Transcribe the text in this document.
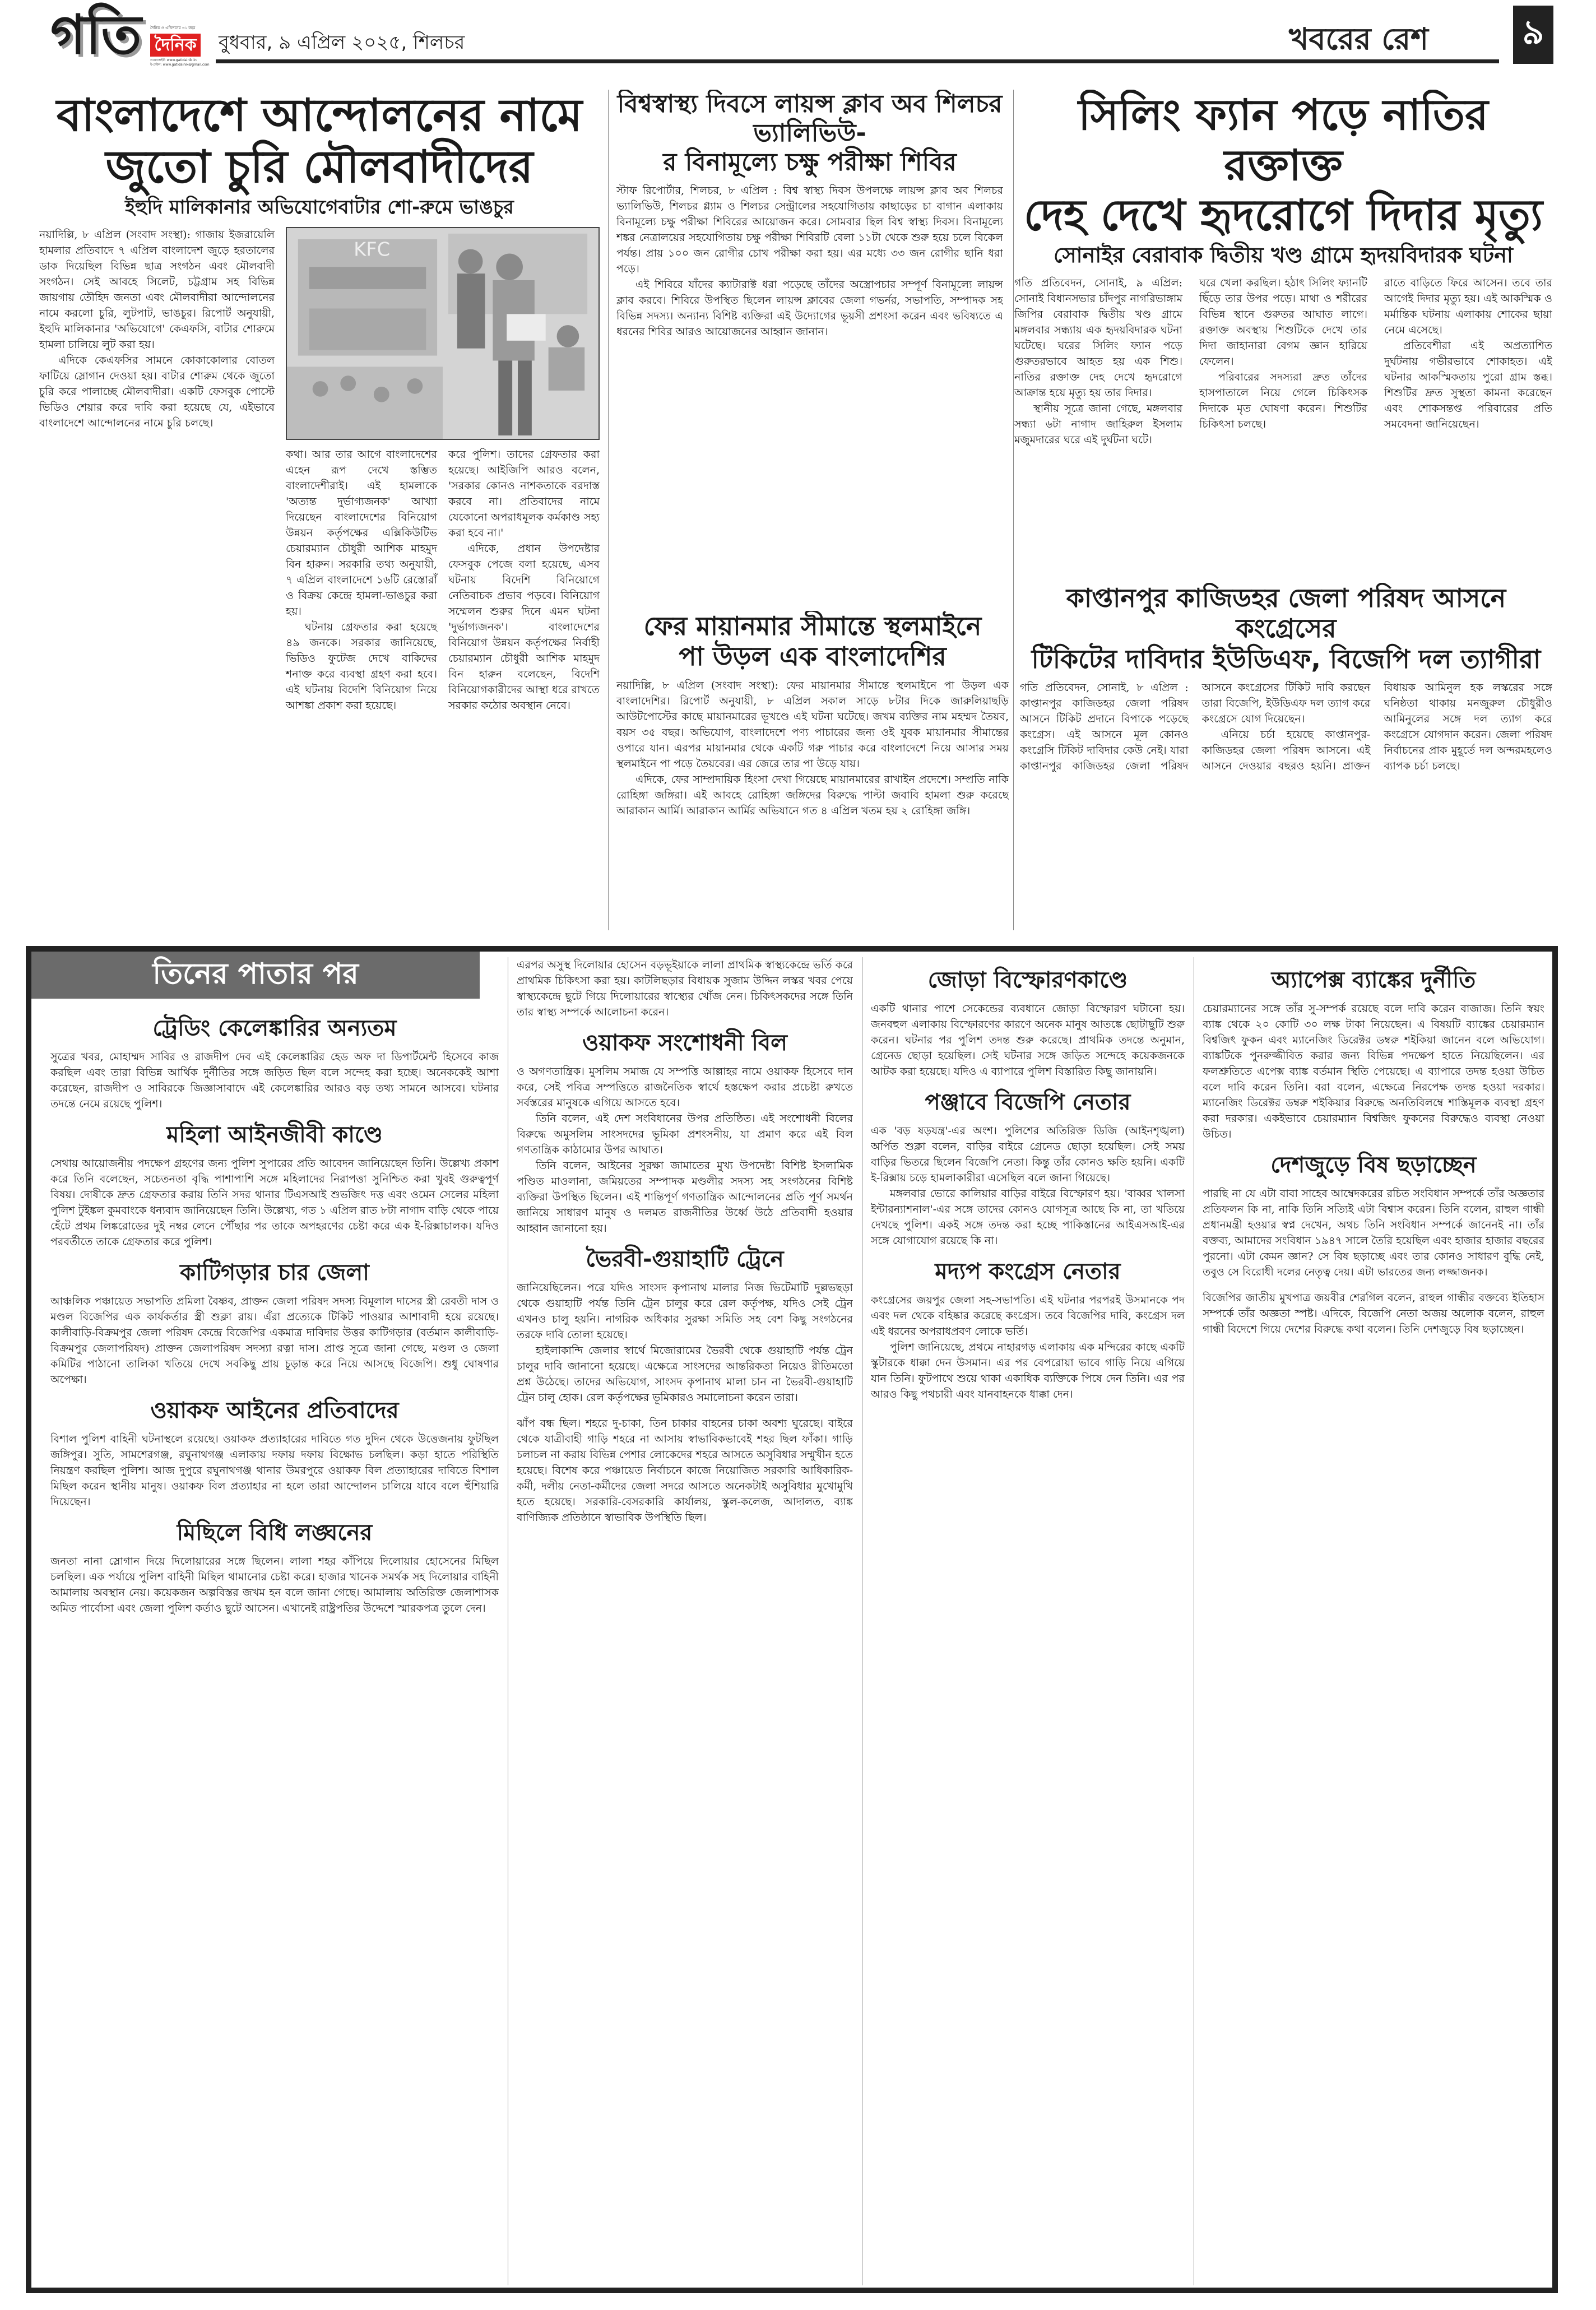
গতি দৈনিক ও এডিশনের ৩১ বছর
দৈনিক
ওয়েবসাইট: www.gatidainik.in
ই-মেইল: www.gatidainik@gmail.com
বুধবার, ৯ এপ্রিল ২০২৫, শিলচর	খবরের রেশ	৯
বাংলাদেশে আন্দোলনের নামে
জুতো চুরি মৌলবাদীদের
ইহুদি মালিকানার অভিযোগেবাটার শো-রুমে ভাঙচুর

নয়াদিল্লি, ৮ এপ্রিল (সংবাদ সংস্থা): গাজায় ইজরায়েলি হামলার প্রতিবাদে ৭ এপ্রিল বাংলাদেশ জুড়ে হরতালের ডাক দিয়েছিল বিভিন্ন ছাত্র সংগঠন এবং মৌলবাদী সংগঠন। সেই আবহে সিলেট, চট্টগ্রাম সহ বিভিন্ন জায়গায় তৌহিদ জনতা এবং মৌলবাদীরা আন্দোলনের নামে করলো চুরি, লুটপাট, ভাঙচুর। রিপোর্ট অনুযায়ী, ইহুদি মালিকানার 'অভিযোগে' কেএফসি, বাটার শোরুমে হামলা চালিয়ে লুট করা হয়।

এদিকে কেএফসির সামনে কোকাকোলার বোতল ফাটিয়ে স্লোগান দেওয়া হয়। বাটার শোরুম থেকে জুতো চুরি করে পালাচ্ছে মৌলবাদীরা। একটি ফেসবুক পোস্টে ভিডিও শেয়ার করে দাবি করা হয়েছে যে, এইভাবে বাংলাদেশে আন্দোলনের নামে চুরি চলছে।

KFC

কথা। আর তার আগে বাংলাদেশের এহেন রূপ দেখে স্তম্ভিত বাংলাদেশীরাই। এই হামলাকে 'অত্যন্ত দুর্ভাগ্যজনক' আখ্যা দিয়েছেন বাংলাদেশের বিনিয়োগ উন্নয়ন কর্তৃপক্ষের এক্সিকিউটিভ চেয়ারম্যান চৌধুরী আশিক মাহমুদ বিন হারুন। সরকারি তথ্য অনুযায়ী, ৭ এপ্রিল বাংলাদেশে ১৬টি রেস্তোরাঁ ও বিক্রয় কেন্দ্রে হামলা-ভাঙচুর করা হয়।

ঘটনায় গ্রেফতার করা হয়েছে ৪৯ জনকে। সরকার জানিয়েছে, ভিডিও ফুটেজ দেখে বাকিদের শনাক্ত করে ব্যবস্থা গ্রহণ করা হবে। এই ঘটনায় বিদেশি বিনিয়োগ নিয়ে আশঙ্কা প্রকাশ করা হয়েছে।

করে পুলিশ। তাদের গ্রেফতার করা হয়েছে। আইজিপি আরও বলেন, 'সরকার কোনও নাশকতাকে বরদাস্ত করবে না। প্রতিবাদের নামে যেকোনো অপরাধমূলক কর্মকাণ্ড সহ্য করা হবে না।'

এদিকে, প্রধান উপদেষ্টার ফেসবুক পেজে বলা হয়েছে, এসব ঘটনায় বিদেশি বিনিয়োগে নেতিবাচক প্রভাব পড়বে। বিনিয়োগ সম্মেলন শুরুর দিনে এমন ঘটনা 'দুর্ভাগ্যজনক'। বাংলাদেশের বিনিয়োগ উন্নয়ন কর্তৃপক্ষের নির্বাহী চেয়ারম্যান চৌধুরী আশিক মাহমুদ বিন হারুন বলেছেন, বিদেশি বিনিয়োগকারীদের আস্থা ধরে রাখতে সরকার কঠোর অবস্থান নেবে।

বিশ্বস্বাস্থ্য দিবসে লায়ন্স ক্লাব অব শিলচর ভ্যালিভিউ-
র বিনামূল্যে চক্ষু পরীক্ষা শিবির

স্টাফ রিপোর্টার, শিলচর, ৮ এপ্রিল : বিশ্ব স্বাস্থ্য দিবস উপলক্ষে লায়ন্স ক্লাব অব শিলচর ভ্যালিভিউ, শিলচর গ্ল্যাম ও শিলচর সেন্ট্রালের সহযোগিতায় কাছাড়ের চা বাগান এলাকায় বিনামূল্যে চক্ষু পরীক্ষা শিবিরের আয়োজন করে। সোমবার ছিল বিশ্ব স্বাস্থ্য দিবস। বিনামূল্যে শঙ্কর নেত্রালয়ের সহযোগিতায় চক্ষু পরীক্ষা শিবিরটি বেলা ১১টা থেকে শুরু হয়ে চলে বিকেল পর্যন্ত। প্রায় ১০০ জন রোগীর চোখ পরীক্ষা করা হয়। এর মধ্যে ৩৩ জন রোগীর ছানি ধরা পড়ে।

এই শিবিরে যাঁদের ক্যাটারাক্ট ধরা পড়েছে তাঁদের অস্ত্রোপচার সম্পূর্ণ বিনামূল্যে লায়ন্স ক্লাব করবে। শিবিরে উপস্থিত ছিলেন লায়ন্স ক্লাবের জেলা গভর্নর, সভাপতি, সম্পাদক সহ বিভিন্ন সদস্য। অন্যান্য বিশিষ্ট ব্যক্তিরা এই উদ্যোগের ভূয়সী প্রশংসা করেন এবং ভবিষ্যতে এ ধরনের শিবির আরও আয়োজনের আহ্বান জানান।

সিলিং ফ্যান পড়ে নাতির রক্তাক্ত
দেহ দেখে হৃদরোগে দিদার মৃত্যু
সোনাইর বেরাবাক দ্বিতীয় খণ্ড গ্রামে হৃদয়বিদারক ঘটনা

গতি প্রতিবেদন, সোনাই, ৯ এপ্রিল: সোনাই বিধানসভার চাঁদপুর নাগরিভাঙ্গাম জিপির বেরাবাক দ্বিতীয় খণ্ড গ্রামে মঙ্গলবার সন্ধ্যায় এক হৃদয়বিদারক ঘটনা ঘটেছে। ঘরের সিলিং ফ্যান পড়ে গুরুতরভাবে আহত হয় এক শিশু। নাতির রক্তাক্ত দেহ দেখে হৃদরোগে আক্রান্ত হয়ে মৃত্যু হয় তার দিদার।

স্থানীয় সূত্রে জানা গেছে, মঙ্গলবার সন্ধ্যা ৬টা নাগাদ জাহিরুল ইসলাম মজুমদারের ঘরে এই দুর্ঘটনা ঘটে।

ঘরে খেলা করছিল। হঠাৎ সিলিং ফ্যানটি ছিঁড়ে তার উপর পড়ে। মাথা ও শরীরের বিভিন্ন স্থানে গুরুতর আঘাত লাগে। রক্তাক্ত অবস্থায় শিশুটিকে দেখে তার দিদা জাহানারা বেগম জ্ঞান হারিয়ে ফেলেন।

পরিবারের সদস্যরা দ্রুত তাঁদের হাসপাতালে নিয়ে গেলে চিকিৎসক দিদাকে মৃত ঘোষণা করেন। শিশুটির চিকিৎসা চলছে।

রাতে বাড়িতে ফিরে আসেন। তবে তার আগেই দিদার মৃত্যু হয়। এই আকস্মিক ও মর্মান্তিক ঘটনায় এলাকায় শোকের ছায়া নেমে এসেছে।

প্রতিবেশীরা এই অপ্রত্যাশিত দুর্ঘটনায় গভীরভাবে শোকাহত। এই ঘটনার আকস্মিকতায় পুরো গ্রাম স্তব্ধ। শিশুটির দ্রুত সুস্থতা কামনা করেছেন এবং শোকসন্তপ্ত পরিবারের প্রতি সমবেদনা জানিয়েছেন।

ফের মায়ানমার সীমান্তে স্থলমাইনে
পা উড়ল এক বাংলাদেশির

নয়াদিল্লি, ৮ এপ্রিল (সংবাদ সংস্থা): ফের মায়ানমার সীমান্তে স্থলমাইনে পা উড়ল এক বাংলাদেশির। রিপোর্ট অনুযায়ী, ৮ এপ্রিল সকাল সাড়ে ৮টার দিকে জারুলিয়াছড়ি আউটপোস্টের কাছে মায়ানমারের ভূখণ্ডে এই ঘটনা ঘটেছে। জখম ব্যক্তির নাম মহম্মদ তৈয়ব, বয়স ৩৫ বছর। অভিযোগ, বাংলাদেশে পণ্য পাচারের জন্য ওই যুবক মায়ানমার সীমান্তের ওপারে যান। এরপর মায়ানমার থেকে একটি গরু পাচার করে বাংলাদেশে নিয়ে আসার সময় স্থলমাইনে পা পড়ে তৈয়বের। এর জেরে তার পা উড়ে যায়।

এদিকে, ফের সাম্প্রদায়িক হিংসা দেখা গিয়েছে মায়ানমারের রাখাইন প্রদেশে। সম্প্রতি নাকি রোহিঙ্গা জঙ্গিরা। এই আবহে রোহিঙ্গা জঙ্গিদের বিরুদ্ধে পাল্টা জবাবি হামলা শুরু করেছে আরাকান আর্মি। আরাকান আর্মির অভিযানে গত ৪ এপ্রিল খতম হয় ২ রোহিঙ্গা জঙ্গি।

কাপ্তানপুর কাজিডহর জেলা পরিষদ আসনে কংগ্রেসের
টিকিটের দাবিদার ইউডিএফ, বিজেপি দল ত্যাগীরা

গতি প্রতিবেদন, সোনাই, ৮ এপ্রিল : কাপ্তানপুর কাজিডহর জেলা পরিষদ আসনে টিকিট প্রদানে বিপাকে পড়েছে কংগ্রেস। এই আসনে মূল কোনও কংগ্রেসি টিকিট দাবিদার কেউ নেই। যারা কাপ্তানপুর কাজিডহর জেলা পরিষদ আসনে কংগ্রেসের টিকিট দাবি করছেন তারা বিজেপি, ইউডিএফ দল ত্যাগ করে কংগ্রেসে যোগ দিয়েছেন।

এনিয়ে চর্চা হয়েছে কাপ্তানপুর-কাজিডহর জেলা পরিষদ আসনে। এই আসনে দেওয়ার বছরও হয়নি। প্রাক্তন বিধায়ক আমিনুল হক লস্করের সঙ্গে ঘনিষ্ঠতা থাকায় মনজুরুল চৌধুরীও আমিনুলের সঙ্গে দল ত্যাগ করে কংগ্রেসে যোগদান করেন। জেলা পরিষদ নির্বাচনের প্রাক মুহূর্তে দল অন্দরমহলেও ব্যাপক চর্চা চলছে।

তিনের পাতার পর
ট্রেডিং কেলেঙ্কারির অন্যতম

সুত্রের খবর, মোহাম্মদ সাবির ও রাজদীপ দেব এই কেলেঙ্কারির হেড অফ দা ডিপার্টমেন্ট হিসেবে কাজ করছিল এবং তারা বিভিন্ন আর্থিক দুর্নীতির সঙ্গে জড়িত ছিল বলে সন্দেহ করা হচ্ছে। অনেককেই আশা করেছেন, রাজদীপ ও সাবিরকে জিজ্ঞাসাবাদে এই কেলেঙ্কারির আরও বড় তথ্য সামনে আসবে। ঘটনার তদন্তে নেমে রয়েছে পুলিশ।

মহিলা আইনজীবী কাণ্ডে

সেথায় আয়োজনীয় পদক্ষেপ গ্রহণের জন্য পুলিশ সুপারের প্রতি আবেদন জানিয়েছেন তিনি। উল্লেখ্য প্রকাশ করে তিনি বলেছেন, সচেতনতা বৃদ্ধি পাশাপাশি সঙ্গে মহিলাদের নিরাপত্তা সুনিশ্চিত করা খুবই গুরুত্বপূর্ণ বিষয়। দোষীকে দ্রুত গ্রেফতার করায় তিনি সদর থানার টিএসআই শুভজিৎ দত্ত এবং ওমেন সেলের মহিলা পুলিশ টুইঙ্কল কুমবাংকে ধন্যবাদ জানিয়েছেন তিনি। উল্লেখ্য, গত ১ এপ্রিল রাত ৮টা নাগাদ বাড়ি থেকে পায়ে হেঁটে প্রথম লিঙ্করোডের দুই নম্বর লেনে পৌঁছার পর তাকে অপহরণের চেষ্টা করে এক ই-রিক্সাচালক। যদিও পরবর্তীতে তাকে গ্রেফতার করে পুলিশ।

কাটিগড়ার চার জেলা

আঞ্চলিক পঞ্চায়েত সভাপতি প্রমিলা বৈষ্ণব, প্রাক্তন জেলা পরিষদ সদস্য বিমূলাল দাসের স্ত্রী রেবতী দাস ও মণ্ডল বিজেপির এক কার্যকর্তার স্ত্রী শুক্লা রায়। এঁরা প্রত্যেকে টিকিট পাওয়ার আশাবাদী হয়ে রয়েছে। কালীবাড়ি-বিক্রমপুর জেলা পরিষদ কেন্দ্রে বিজেপির একমাত্র দাবিদার উত্তর কাটিগড়ার (বর্তমান কালীবাড়ি-বিক্রমপুর জেলাপরিষদ) প্রাক্তন জেলাপরিষদ সদস্যা রত্না দাস। প্রাপ্ত সূত্রে জানা গেছে, মণ্ডল ও জেলা কমিটির পাঠানো তালিকা খতিয়ে দেখে সবকিছু প্রায় চূড়ান্ত করে নিয়ে আসছে বিজেপি। শুধু ঘোষণার অপেক্ষা।

ওয়াকফ আইনের প্রতিবাদের

বিশাল পুলিশ বাহিনী ঘটনাস্থলে রয়েছে। ওয়াকফ প্রত্যাহারের দাবিতে গত দুদিন থেকে উত্তেজনায় ফুটছিল জঙ্গিপুর। সুতি, সামশেরগঞ্জ, রঘুনাথগঞ্জ এলাকায় দফায় দফায় বিক্ষোভ চলছিল। কড়া হাতে পরিস্থিতি নিয়ন্ত্রণ করছিল পুলিশ। আজ দুপুরে রঘুনাথগঞ্জ থানার উমরপুরে ওয়াকফ বিল প্রত্যাহারের দাবিতে বিশাল মিছিল করেন স্থানীয় মানুষ। ওয়াকফ বিল প্রত্যাহার না হলে তারা আন্দোলন চালিয়ে যাবে বলে হুঁশিয়ারি দিয়েছেন।

মিছিলে বিধি লঙ্ঘনের

জনতা নানা স্লোগান দিয়ে দিলোয়ারের সঙ্গে ছিলেন। লালা শহর কাঁপিয়ে দিলোয়ার হোসেনের মিছিল চলছিল। এক পর্যায়ে পুলিশ বাহিনী মিছিল থামানোর চেষ্টা করে। হাজার খানেক সমর্থক সহ দিলোয়ার বাহিনী আমালায় অবস্থান নেয়। কয়েকজন অল্পবিস্তর জখম হন বলে জানা গেছে। আমালায় অতিরিক্ত জেলাশাসক অমিত পার্বোসা এবং জেলা পুলিশ কর্তাও ছুটে আসেন। এখানেই রাষ্ট্রপতির উদ্দেশে স্মারকপত্র তুলে দেন।

এরপর অসুস্থ দিলোয়ার হোসেন বড়ভূইয়াকে লালা প্রাথমিক স্বাস্থ্যকেন্দ্রে ভর্তি করে প্রাথমিক চিকিৎসা করা হয়। কাটলিছড়ার বিধায়ক সুজাম উদ্দিন লস্কর খবর পেয়ে স্বাস্থ্যকেন্দ্রে ছুটে গিয়ে দিলোয়ারের স্বাস্থ্যের খোঁজ নেন। চিকিৎসকদের সঙ্গে তিনি তার স্বাস্থ্য সম্পর্কে আলোচনা করেন।

ওয়াকফ সংশোধনী বিল

ও অগণতান্ত্রিক। মুসলিম সমাজ যে সম্পত্তি আল্লাহর নামে ওয়াকফ হিসেবে দান করে, সেই পবিত্র সম্পত্তিতে রাজনৈতিক স্বার্থে হস্তক্ষেপ করার প্রচেষ্টা রুখতে সর্বস্তরের মানুষকে এগিয়ে আসতে হবে।

তিনি বলেন, এই দেশ সংবিধানের উপর প্রতিষ্ঠিত। এই সংশোধনী বিলের বিরুদ্ধে অমুসলিম সাংসদদের ভূমিকা প্রশংসনীয়, যা প্রমাণ করে এই বিল গণতান্ত্রিক কাঠামোর উপর আঘাত।

তিনি বলেন, আইনের সুরক্ষা জামাতের মুখ্য উপদেষ্টা বিশিষ্ট ইসলামিক পণ্ডিত মাওলানা, জমিয়তের সম্পাদক মণ্ডলীর সদস্য সহ সংগঠনের বিশিষ্ট ব্যক্তিরা উপস্থিত ছিলেন। এই শান্তিপূর্ণ গণতান্ত্রিক আন্দোলনের প্রতি পূর্ণ সমর্থন জানিয়ে সাধারণ মানুষ ও দলমত রাজনীতির উর্ধ্বে উঠে প্রতিবাদী হওয়ার আহ্বান জানানো হয়।

ভৈরবী-গুয়াহাটি ট্রেনে

জানিয়েছিলেন। পরে যদিও সাংসদ কৃপানাথ মালার নিজ ভিটেমাটি দুল্লভছড়া থেকে গুয়াহাটি পর্যন্ত তিনি ট্রেন চালুর করে রেল কর্তৃপক্ষ, যদিও সেই ট্রেন এখনও চালু হয়নি। নাগরিক অধিকার সুরক্ষা সমিতি সহ বেশ কিছু সংগঠনের তরফে দাবি তোলা হয়েছে।

হাইলাকান্দি জেলার স্বার্থে মিজোরামের ভৈরবী থেকে গুয়াহাটি পর্যন্ত ট্রেন চালুর দাবি জানানো হয়েছে। এক্ষেত্রে সাংসদের আন্তরিকতা নিয়েও রীতিমতো প্রশ্ন উঠেছে। তাদের অভিযোগ, সাংসদ কৃপানাথ মালা চান না ভৈরবী-গুয়াহাটি ট্রেন চালু হোক। রেল কর্তৃপক্ষের ভূমিকারও সমালোচনা করেন তারা।

ঝাঁপ বন্ধ ছিল। শহরে দু-চাকা, তিন চাকার বাহনের চাকা অবশ্য ঘুরেছে। বাইরে থেকে যাত্রীবাহী গাড়ি শহরে না আসায় স্বাভাবিকভাবেই শহর ছিল ফাঁকা। গাড়ি চলাচল না করায় বিভিন্ন পেশার লোকেদের শহরে আসতে অসুবিধার সম্মুখীন হতে হয়েছে। বিশেষ করে পঞ্চায়েত নির্বাচনে কাজে নিয়োজিত সরকারি আধিকারিক-কর্মী, দলীয় নেতা-কর্মীদের জেলা সদরে আসতে অনেকটাই অসুবিধার মুখোমুখি হতে হয়েছে। সরকারি-বেসরকারি কার্যালয়, স্কুল-কলেজ, আদালত, ব্যাঙ্ক বাণিজ্যিক প্রতিষ্ঠানে স্বাভাবিক উপস্থিতি ছিল।

জোড়া বিস্ফোরণকাণ্ডে

একটি থানার পাশে সেকেন্ডের ব্যবধানে জোড়া বিস্ফোরণ ঘটানো হয়। জনবহুল এলাকায় বিস্ফোরণের কারণে অনেক মানুষ আতঙ্কে ছোটাছুটি শুরু করেন। ঘটনার পর পুলিশ তদন্ত শুরু করেছে। প্রাথমিক তদন্তে অনুমান, গ্রেনেড ছোড়া হয়েছিল। সেই ঘটনার সঙ্গে জড়িত সন্দেহে কয়েকজনকে আটক করা হয়েছে। যদিও এ ব্যাপারে পুলিশ বিস্তারিত কিছু জানায়নি।

পঞ্জাবে বিজেপি নেতার

এক 'বড় ষড়যন্ত্র'-এর অংশ। পুলিশের অতিরিক্ত ডিজি (আইনশৃঙ্খলা) অর্পিত শুক্লা বলেন, বাড়ির বাইরে গ্রেনেড ছোড়া হয়েছিল। সেই সময় বাড়ির ভিতরে ছিলেন বিজেপি নেতা। কিন্তু তাঁর কোনও ক্ষতি হয়নি। একটি ই-রিক্সায় চড়ে হামলাকারীরা এসেছিল বলে জানা গিয়েছে।

মঙ্গলবার ভোরে কালিয়ার বাড়ির বাইরে বিস্ফোরণ হয়। 'বাব্বর খালসা ইন্টারন্যাশনাল'-এর সঙ্গে তাদের কোনও যোগসূত্র আছে কি না, তা খতিয়ে দেখছে পুলিশ। একই সঙ্গে তদন্ত করা হচ্ছে পাকিস্তানের আইএসআই-এর সঙ্গে যোগাযোগ রয়েছে কি না।

মদ্যপ কংগ্রেস নেতার

কংগ্রেসের জয়পুর জেলা সহ-সভাপতি। এই ঘটনার পরপরই উসমানকে পদ এবং দল থেকে বহিষ্কার করেছে কংগ্রেস। তবে বিজেপির দাবি, কংগ্রেস দল এই ধরনের অপরাধপ্রবণ লোকে ভর্তি।

পুলিশ জানিয়েছে, প্রথমে নাহারগড় এলাকায় এক মন্দিরের কাছে একটি স্কুটারকে ধাক্কা দেন উসমান। এর পর বেপরোয়া ভাবে গাড়ি নিয়ে এগিয়ে যান তিনি। ফুটপাথে শুয়ে থাকা একাধিক ব্যক্তিকে পিষে দেন তিনি। এর পর আরও কিছু পথচারী এবং যানবাহনকে ধাক্কা দেন।

অ্যাপেক্স ব্যাঙ্কের দুর্নীতি

চেয়ারম্যানের সঙ্গে তাঁর সু-সম্পর্ক রয়েছে বলে দাবি করেন বাজাজ। তিনি স্বয়ং ব্যাঙ্ক থেকে ২০ কোটি ৩০ লক্ষ টাকা নিয়েছেন। এ বিষয়টি ব্যাঙ্কের চেয়ারম্যান বিশ্বজিৎ ফুকন এবং ম্যানেজিং ডিরেক্টর ডম্বরু শইকিয়া জানেন বলে অভিযোগ। ব্যাঙ্কটিকে পুনরুজ্জীবিত করার জন্য বিভিন্ন পদক্ষেপ হাতে নিয়েছিলেন। এর ফলশ্রুতিতে এপেক্স ব্যাঙ্ক বর্তমান স্থিতি পেয়েছে। এ ব্যাপারে তদন্ত হওয়া উচিত বলে দাবি করেন তিনি। বরা বলেন, এক্ষেত্রে নিরপেক্ষ তদন্ত হওয়া দরকার। ম্যানেজিং ডিরেক্টর ডম্বরু শইকিয়ার বিরুদ্ধে অনতিবিলম্বে শাস্তিমূলক ব্যবস্থা গ্রহণ করা দরকার। একইভাবে চেয়ারম্যান বিশ্বজিৎ ফুকনের বিরুদ্ধেও ব্যবস্থা নেওয়া উচিত।

দেশজুড়ে বিষ ছড়াচ্ছেন

পারছি না যে এটা বাবা সাহেব আম্বেদকরের রচিত সংবিধান সম্পর্কে তাঁর অজ্ঞতার প্রতিফলন কি না, নাকি তিনি সত্যিই এটা বিশ্বাস করেন। তিনি বলেন, রাহুল গান্ধী প্রধানমন্ত্রী হওয়ার স্বপ্ন দেখেন, অথচ তিনি সংবিধান সম্পর্কে জানেনই না। তাঁর বক্তব্য, আমাদের সংবিধান ১৯৪৭ সালে তৈরি হয়েছিল এবং হাজার হাজার বছরের পুরনো। এটা কেমন জ্ঞান? সে বিষ ছড়াচ্ছে এবং তার কোনও সাধারণ বুদ্ধি নেই, তবুও সে বিরোধী দলের নেতৃত্ব দেয়। এটা ভারতের জন্য লজ্জাজনক।

বিজেপির জাতীয় মুখপাত্র জয়বীর শেরগিল বলেন, রাহুল গান্ধীর বক্তব্যে ইতিহাস সম্পর্কে তাঁর অজ্ঞতা স্পষ্ট। এদিকে, বিজেপি নেতা অজয় অলোক বলেন, রাহুল গান্ধী বিদেশে গিয়ে দেশের বিরুদ্ধে কথা বলেন। তিনি দেশজুড়ে বিষ ছড়াচ্ছেন।
